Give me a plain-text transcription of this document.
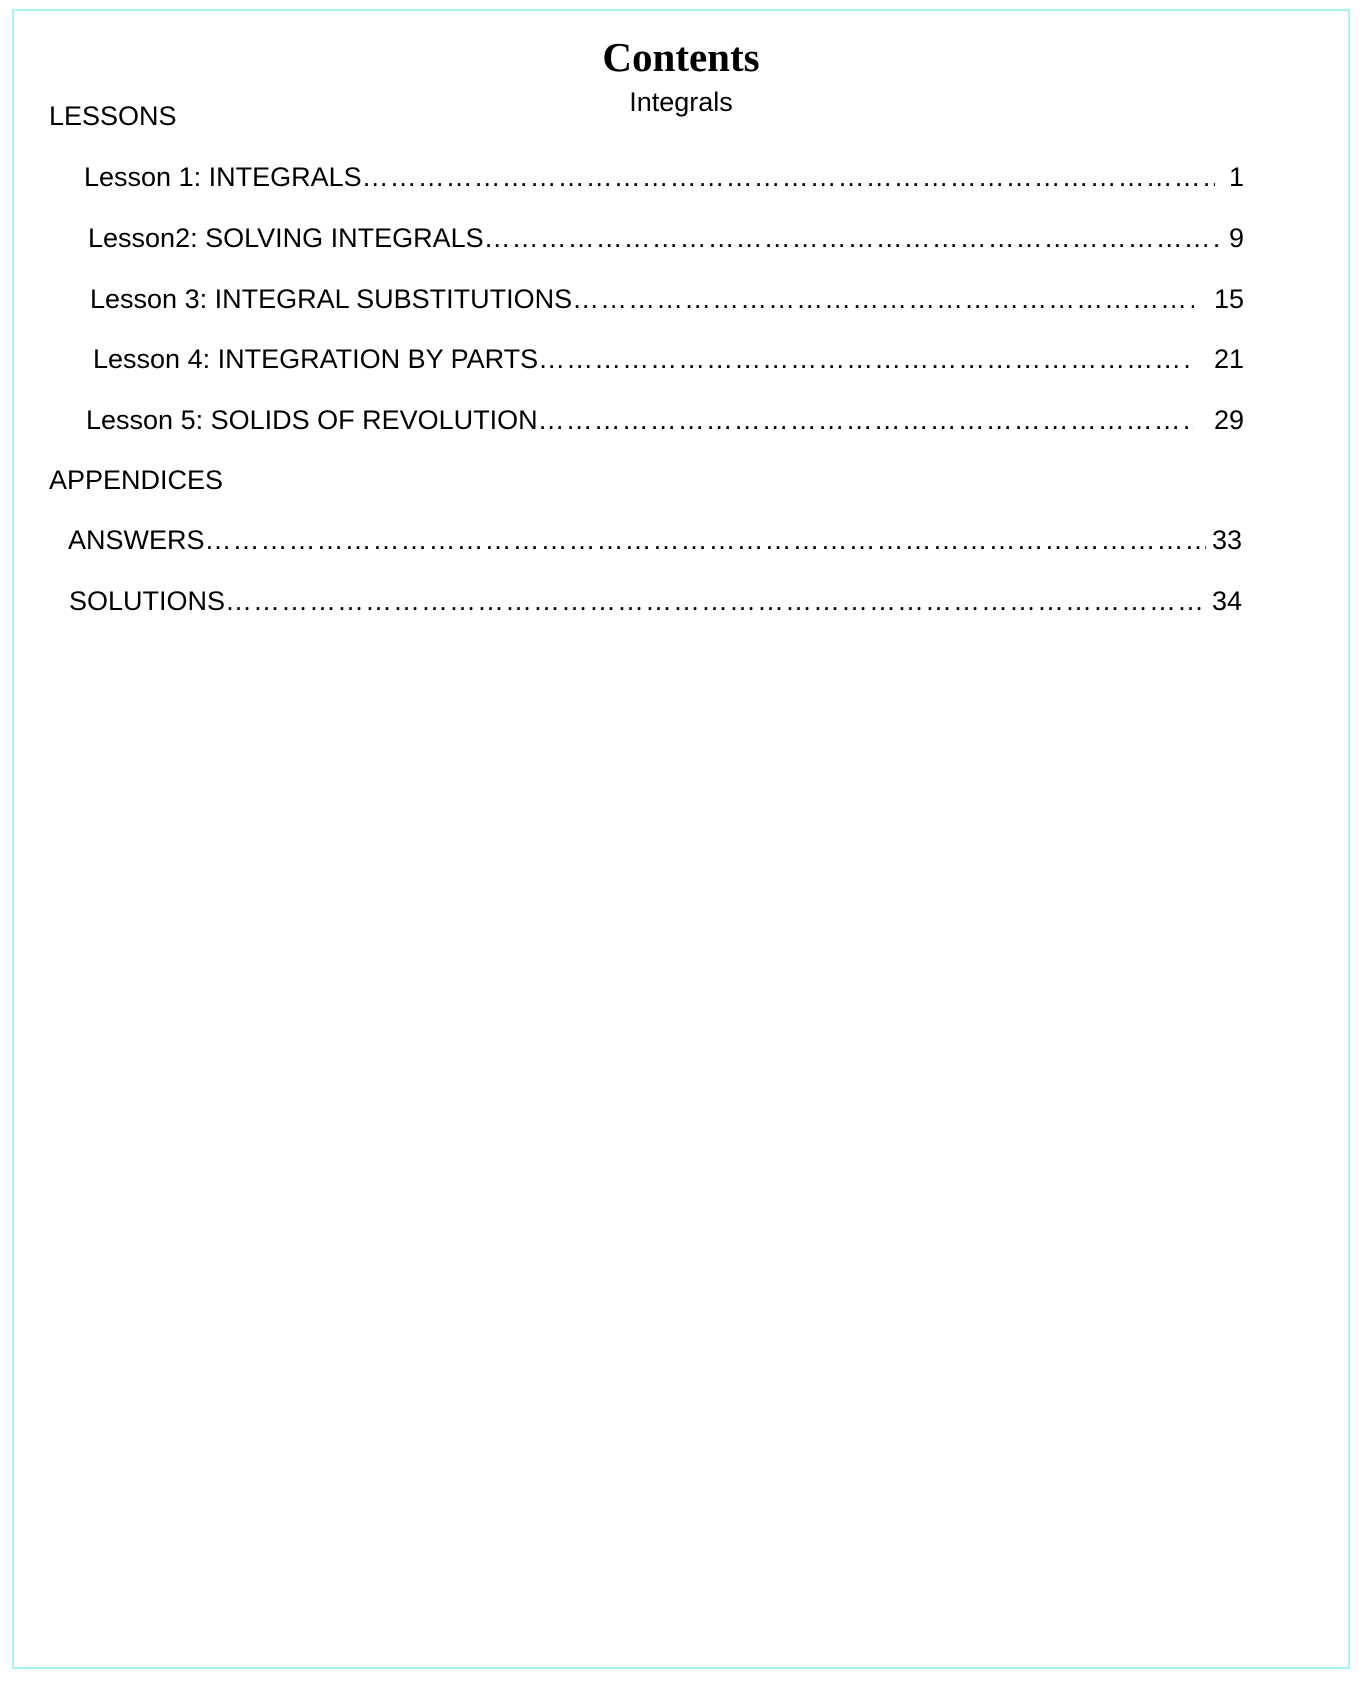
Contents
Integrals
LESSONS
Lesson 1: INTEGRALS ……………………………………………………………………………………………………………………………………………………………………………………………………………	1
Lesson2: SOLVING INTEGRALS ……………………………………………………………………………………………………………………………………………………………………………………………………………	9
Lesson 3: INTEGRAL SUBSTITUTIONS ……………………………………………………………………………………………………………………………………………………………………………………………………………	15
Lesson 4: INTEGRATION BY PARTS ……………………………………………………………………………………………………………………………………………………………………………………………………………	21
Lesson 5: SOLIDS OF REVOLUTION ……………………………………………………………………………………………………………………………………………………………………………………………………………	29
APPENDICES
ANSWERS ……………………………………………………………………………………………………………………………………………………………………………………………………………	33
SOLUTIONS ……………………………………………………………………………………………………………………………………………………………………………………………………………	34
